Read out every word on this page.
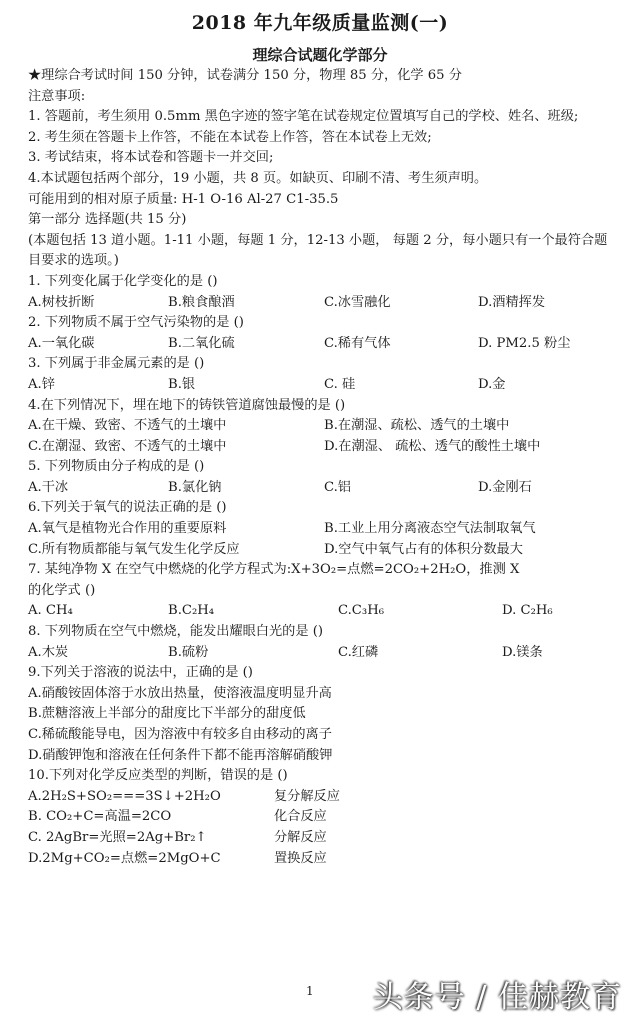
2018 年九年级质量监测(一)
理综合试题化学部分
★理综合考试时间 150 分钟，试卷满分 150 分，物理 85 分，化学 65 分
注意事项:
1. 答题前，考生须用 0.5mm 黑色字迹的签字笔在试卷规定位置填写自己的学校、姓名、班级;
2. 考生须在答题卡上作答，不能在本试卷上作答，答在本试卷上无效;
3. 考试结束，将本试卷和答题卡一并交回;
4.本试题包括两个部分，19 小题，共 8 页。如缺页、印刷不清、考生须声明。
可能用到的相对原子质量: H-1 O-16 Al-27 C1-35.5
第一部分 选择题(共 15 分)
(本题包括 13 道小题。1-11 小题，每题 1 分，12-13 小题， 每题 2 分，每小题只有一个最符合题目要求的选项。)
1. 下列变化属于化学变化的是 ()
A.树枝折断	B.粮食酿酒	C.冰雪融化	D.酒精挥发
2. 下列物质不属于空气污染物的是 ()
A.一氧化碳	B.二氧化硫	C.稀有气体	D. PM2.5 粉尘
3. 下列属于非金属元素的是 ()
A.锌	B.银	C. 硅	D.金
4.在下列情况下，埋在地下的铸铁管道腐蚀最慢的是 ()
A.在干燥、致密、不透气的土壤中	B.在潮湿、疏松、透气的土壤中
C.在潮湿、致密、不透气的土壤中	D.在潮湿、 疏松、透气的酸性土壤中
5. 下列物质由分子构成的是 ()
A.干冰	B.氯化钠	C.铝	D.金刚石
6.下列关于氧气的说法正确的是 ()
A.氧气是植物光合作用的重要原料	B.工业上用分离液态空气法制取氧气
C.所有物质都能与氧气发生化学反应	D.空气中氧气占有的体积分数最大
7. 某纯净物 X 在空气中燃烧的化学方程式为:X+3O₂=点燃=2CO₂+2H₂O，推测 X
的化学式 ()
A. CH₄	B.C₂H₄	C.C₃H₆	D. C₂H₆
8. 下列物质在空气中燃烧，能发出耀眼白光的是 ()
A.木炭	B.硫粉	C.红磷	D.镁条
9.下列关于溶液的说法中，正确的是 ()
A.硝酸铵固体溶于水放出热量，使溶液温度明显升高
B.蔗糖溶液上半部分的甜度比下半部分的甜度低
C.稀硫酸能导电，因为溶液中有较多自由移动的离子
D.硝酸钾饱和溶液在任何条件下都不能再溶解硝酸钾
10.下列对化学反应类型的判断，错误的是 ()
A.2H₂S+SO₂===3S↓+2H₂O	复分解反应
B. CO₂+C=高温=2CO	化合反应
C. 2AgBr=光照=2Ag+Br₂↑	分解反应
D.2Mg+CO₂=点燃=2MgO+C	置换反应
1 头条号 / 佳赫教育
